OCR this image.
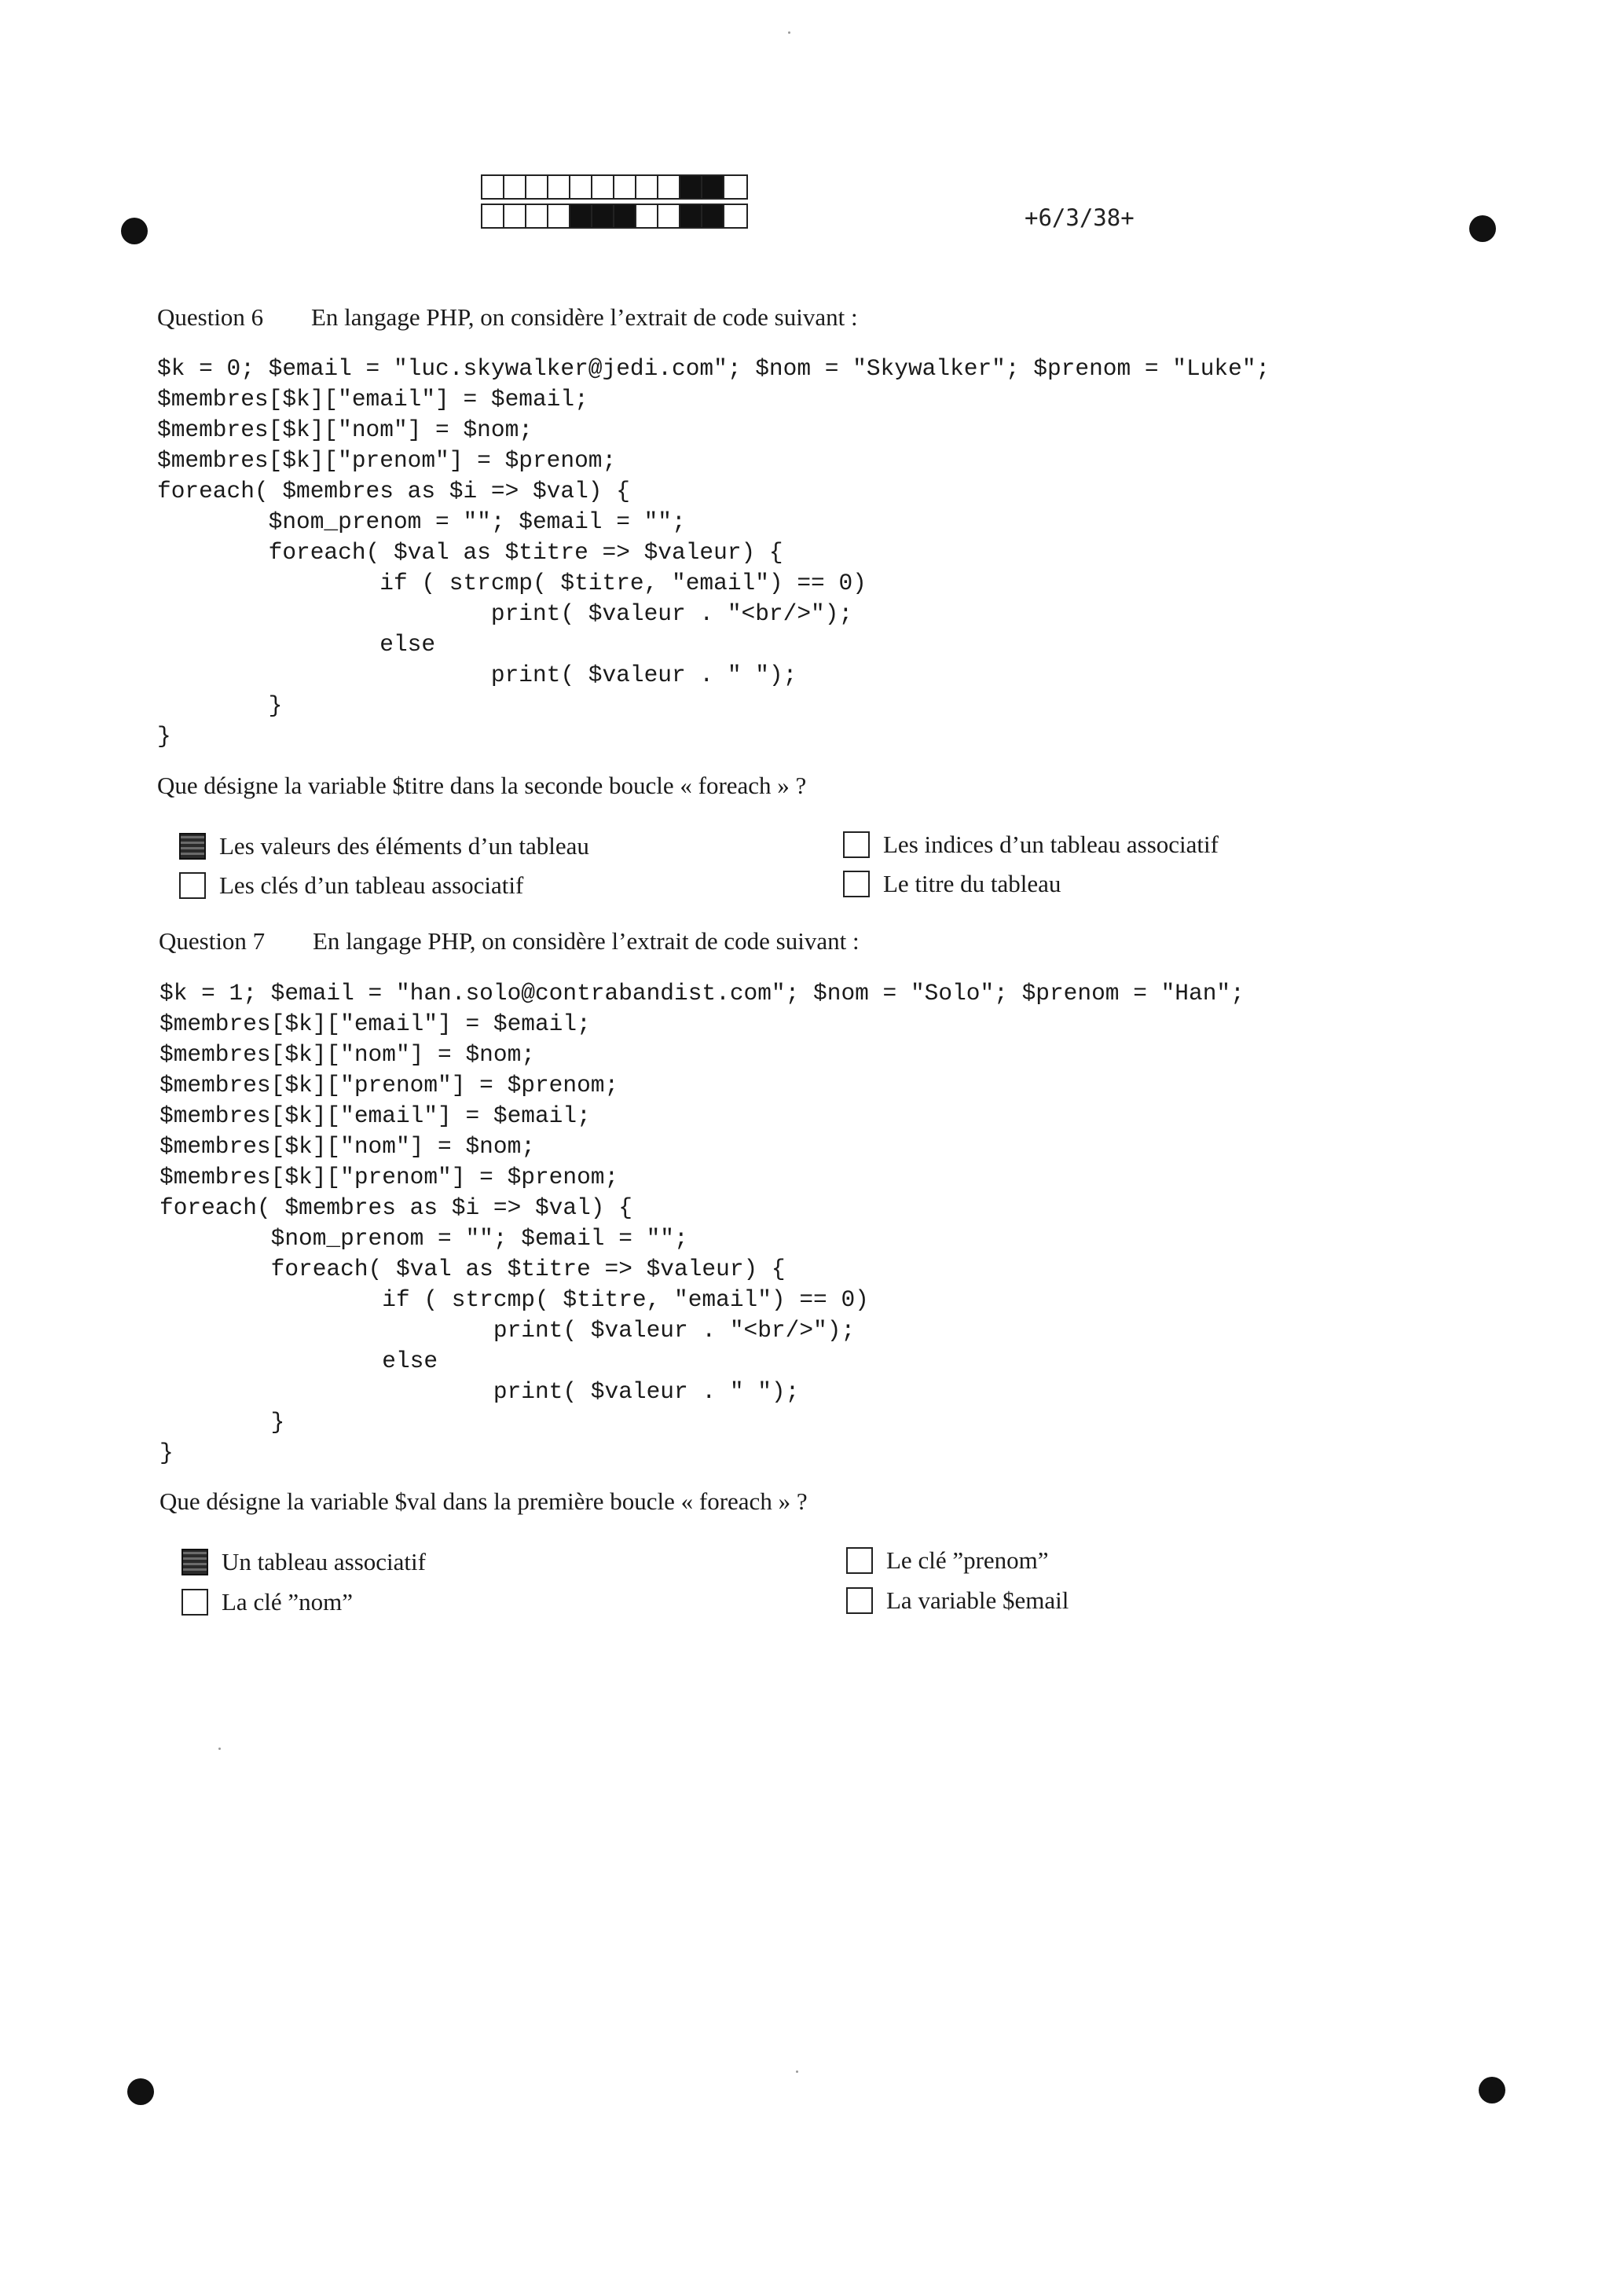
+6/3/38+
Question 6 En langage PHP, on considère l’extrait de code suivant :
$k = 0; $email = "luc.skywalker@jedi.com"; $nom = "Skywalker"; $prenom = "Luke";
$membres[$k]["email"] = $email;
$membres[$k]["nom"] = $nom;
$membres[$k]["prenom"] = $prenom;
foreach( $membres as $i => $val) {
$nom_prenom = ""; $email = "";
foreach( $val as $titre => $valeur) {
if ( strcmp( $titre, "email") == 0)
print( $valeur . "<br/>");
else
print( $valeur . " ");
}
}
Que désigne la variable $titre dans la seconde boucle « foreach » ?
Les valeurs des éléments d’un tableau	Les indices d’un tableau associatif
Les clés d’un tableau associatif	Le titre du tableau
Question 7 En langage PHP, on considère l’extrait de code suivant :
$k = 1; $email = "han.solo@contrabandist.com"; $nom = "Solo"; $prenom = "Han";
$membres[$k]["email"] = $email;
$membres[$k]["nom"] = $nom;
$membres[$k]["prenom"] = $prenom;
$membres[$k]["email"] = $email;
$membres[$k]["nom"] = $nom;
$membres[$k]["prenom"] = $prenom;
foreach( $membres as $i => $val) {
$nom_prenom = ""; $email = "";
foreach( $val as $titre => $valeur) {
if ( strcmp( $titre, "email") == 0)
print( $valeur . "<br/>");
else
print( $valeur . " ");
}
}
Que désigne la variable $val dans la première boucle « foreach » ?
Un tableau associatif	Le clé ”prenom”
La clé ”nom”	La variable $email
